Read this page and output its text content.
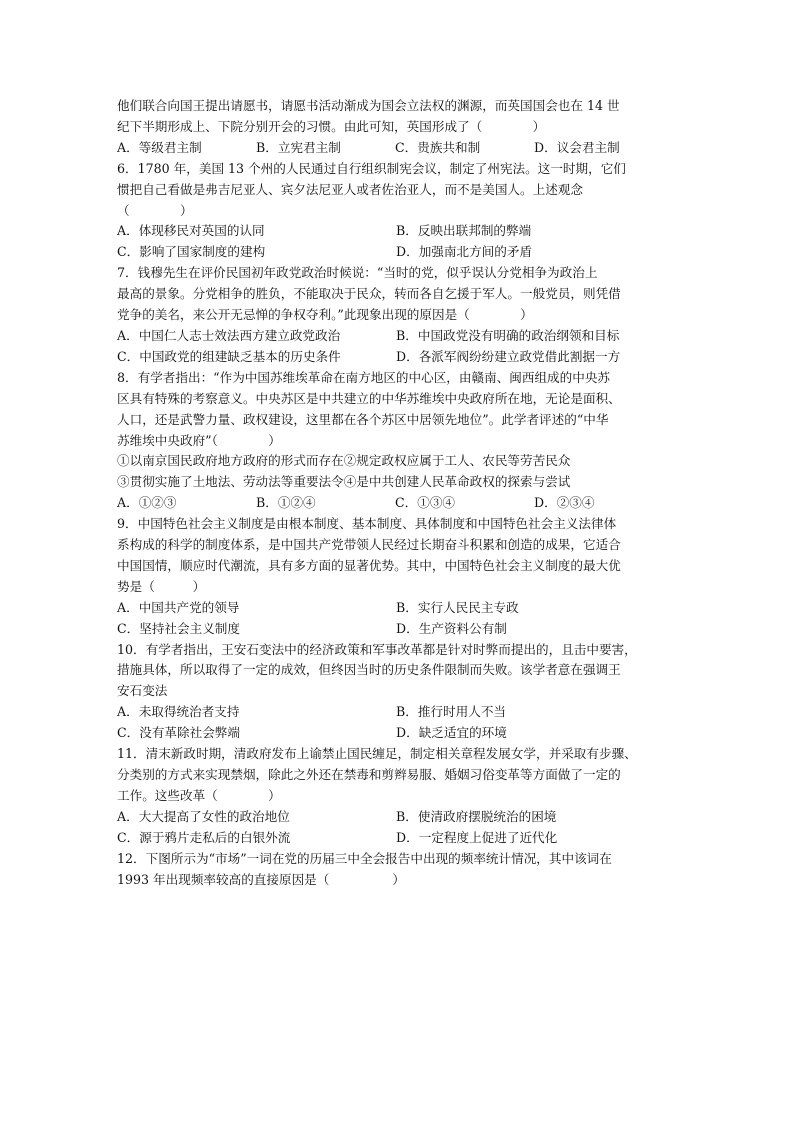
他们联合向国王提出请愿书，请愿书活动渐成为国会立法权的渊源，而英国国会也在 14 世
纪下半期形成上、下院分别开会的习惯。由此可知，英国形成了（　　　　）
A．等级君主制	B．立宪君主制	C．贵族共和制	D．议会君主制
6．1780 年，美国 13 个州的人民通过自行组织制宪会议，制定了州宪法。这一时期，它们
惯把自己看做是弗吉尼亚人、宾夕法尼亚人或者佐治亚人，而不是美国人。上述观念
（　　　　）
A．体现移民对英国的认同	B．反映出联邦制的弊端
C．影响了国家制度的建构	D．加强南北方间的矛盾
7．钱穆先生在评价民国初年政党政治时候说：“当时的党，似乎误认分党相争为政治上
最高的景象。分党相争的胜负，不能取决于民众，转而各自乞援于军人。一般党员，则凭借
党争的美名，来公开无忌惮的争权夺利。”此现象出现的原因是（　　　　）
A．中国仁人志士效法西方建立政党政治	B．中国政党没有明确的政治纲领和目标
C．中国政党的组建缺乏基本的历史条件	D．各派军阀纷纷建立政党借此割据一方
8．有学者指出：“作为中国苏维埃革命在南方地区的中心区，由赣南、闽西组成的中央苏
区具有特殊的考察意义。中央苏区是中共建立的中华苏维埃中央政府所在地，无论是面积、
人口，还是武警力量、政权建设，这里都在各个苏区中居领先地位”。此学者评述的“中华
苏维埃中央政府”（　　　　）
①以南京国民政府地方政府的形式而存在②规定政权应属于工人、农民等劳苦民众
③贯彻实施了土地法、劳动法等重要法令④是中共创建人民革命政权的探索与尝试
A．①②③	B．①②④	C．①③④	D．②③④
9．中国特色社会主义制度是由根本制度、基本制度、具体制度和中国特色社会主义法律体
系构成的科学的制度体系，是中国共产党带领人民经过长期奋斗积累和创造的成果，它适合
中国国情，顺应时代潮流，具有多方面的显著优势。其中，中国特色社会主义制度的最大优
势是（　　　）
A．中国共产党的领导	B．实行人民民主专政
C．坚持社会主义制度	D．生产资料公有制
10．有学者指出，王安石变法中的经济政策和军事改革都是针对时弊而提出的，且击中要害，
措施具体，所以取得了一定的成效，但终因当时的历史条件限制而失败。该学者意在强调王
安石变法
A．未取得统治者支持	B．推行时用人不当
C．没有革除社会弊端	D．缺乏适宜的环境
11．清末新政时期，清政府发布上谕禁止国民缠足，制定相关章程发展女学，并采取有步骤、
分类别的方式来实现禁烟，除此之外还在禁毒和剪辫易服、婚姻习俗变革等方面做了一定的
工作。这些改革（　　　　）
A．大大提高了女性的政治地位	B．使清政府摆脱统治的困境
C．源于鸦片走私后的白银外流	D．一定程度上促进了近代化
12．下图所示为“市场”一词在党的历届三中全会报告中出现的频率统计情况，其中该词在
1993 年出现频率较高的直接原因是（　　　　　）
